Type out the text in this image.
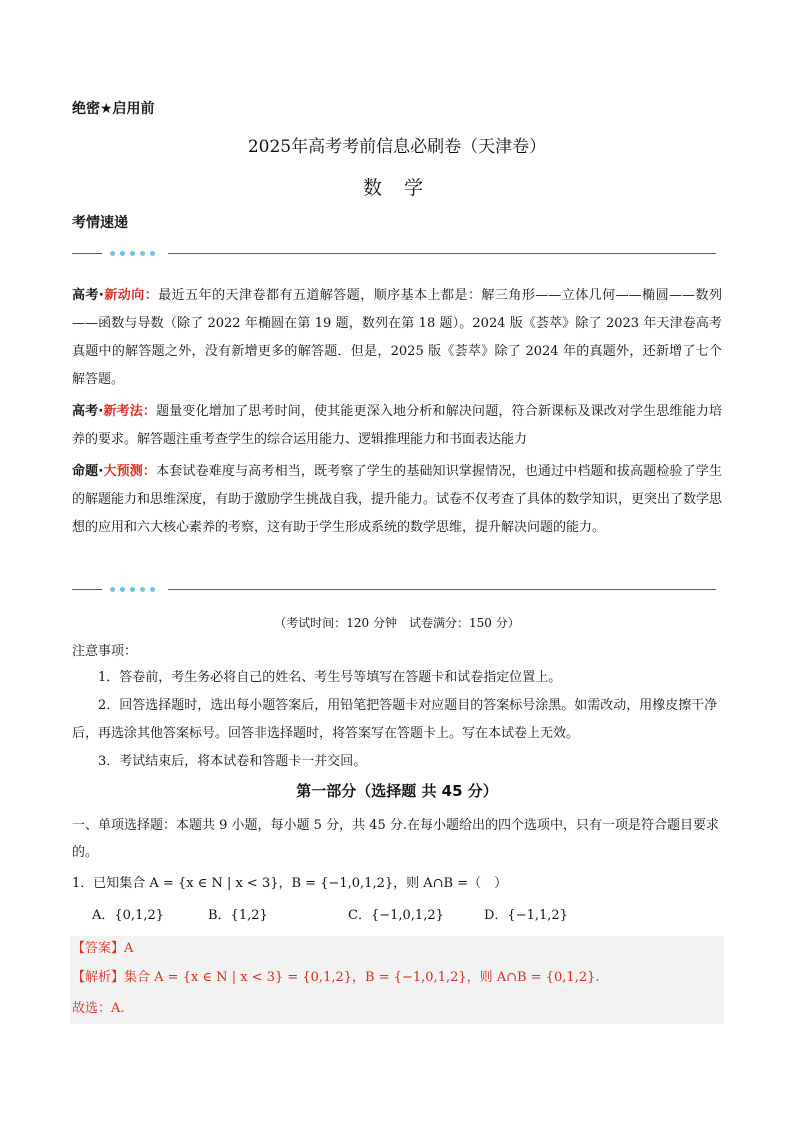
绝密★启用前
2025年高考考前信息必刷卷（天津卷）
数 学
考情速递
高考·新动向：最近五年的天津卷都有五道解答题，顺序基本上都是：解三角形——立体几何——椭圆——数列——函数与导数（除了 2022 年椭圆在第 19 题，数列在第 18 题）。2024 版《荟萃》除了 2023 年天津卷高考真题中的解答题之外，没有新增更多的解答题．但是，2025 版《荟萃》除了 2024 年的真题外，还新增了七个解答题。
高考·新考法：题量变化增加了思考时间，使其能更深入地分析和解决问题，符合新课标及课改对学生思维能力培养的要求。解答题注重考查学生的综合运用能力、逻辑推理能力和书面表达能力
命题·大预测：本套试卷难度与高考相当，既考察了学生的基础知识掌握情况，也通过中档题和拔高题检验了学生的解题能力和思维深度，有助于激励学生挑战自我，提升能力。试卷不仅考查了具体的数学知识，更突出了数学思想的应用和六大核心素养的考察，这有助于学生形成系统的数学思维，提升解决问题的能力。
（考试时间：120 分钟　试卷满分：150 分）
注意事项：
1．答卷前，考生务必将自己的姓名、考生号等填写在答题卡和试卷指定位置上。
2．回答选择题时，选出每小题答案后，用铅笔把答题卡对应题目的答案标号涂黑。如需改动，用橡皮擦干净后，再选涂其他答案标号。回答非选择题时，将答案写在答题卡上。写在本试卷上无效。
3．考试结束后，将本试卷和答题卡一并交回。
第一部分（选择题 共 45 分）
一、单项选择题：本题共 9 小题，每小题 5 分，共 45 分.在每小题给出的四个选项中，只有一项是符合题目要求的。
1．已知集合 A = {x ∈ N | x < 3}，B = {−1,0,1,2}，则 A∩B =（　）
A．{0,1,2}	B．{1,2}	C．{−1,0,1,2}	D．{−1,1,2}
【答案】A
【解析】集合 A = {x ∈ N | x < 3} = {0,1,2}，B = {−1,0,1,2}，则 A∩B = {0,1,2}.
故选：A.
